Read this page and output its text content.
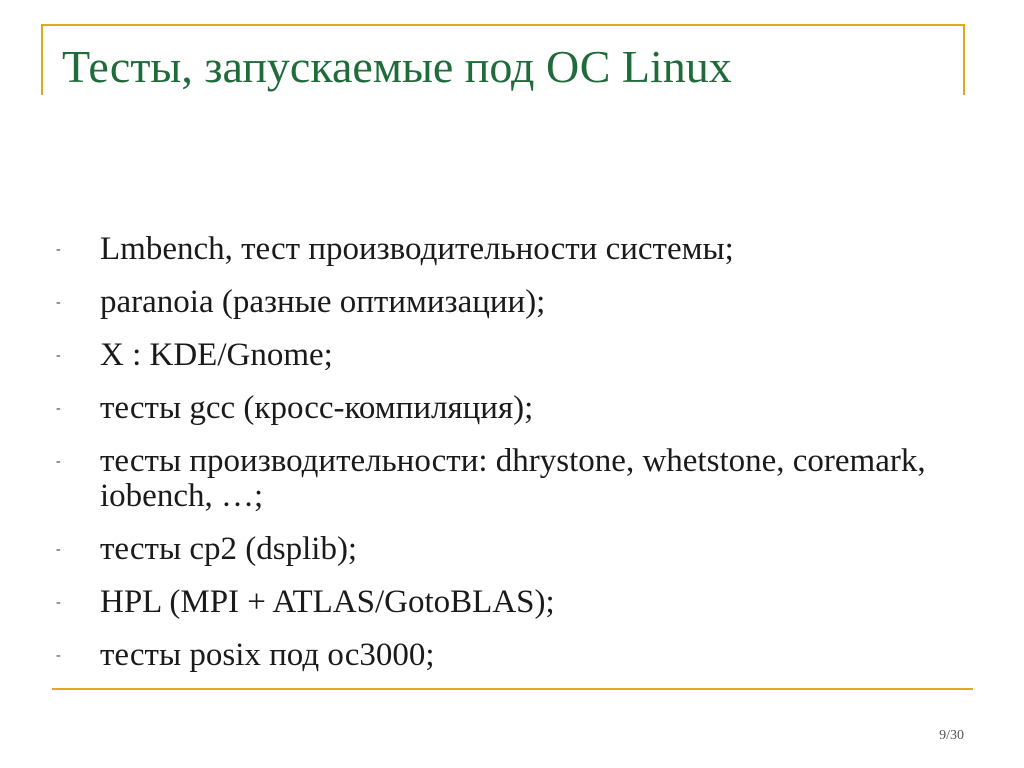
Тесты, запускаемые под ОС Linux
-	Lmbench, тест производительности системы;
-	paranoia (разные оптимизации);
-	X : KDE/Gnome;
-	тесты gcc (кросс-компиляция);
-	тесты производительности: dhrystone, whetstone, coremark, iobench, …;
-	тесты cp2 (dsplib);
-	HPL (MPI + ATLAS/GotoBLAS);
-	тесты posix под ос3000;
9/30
